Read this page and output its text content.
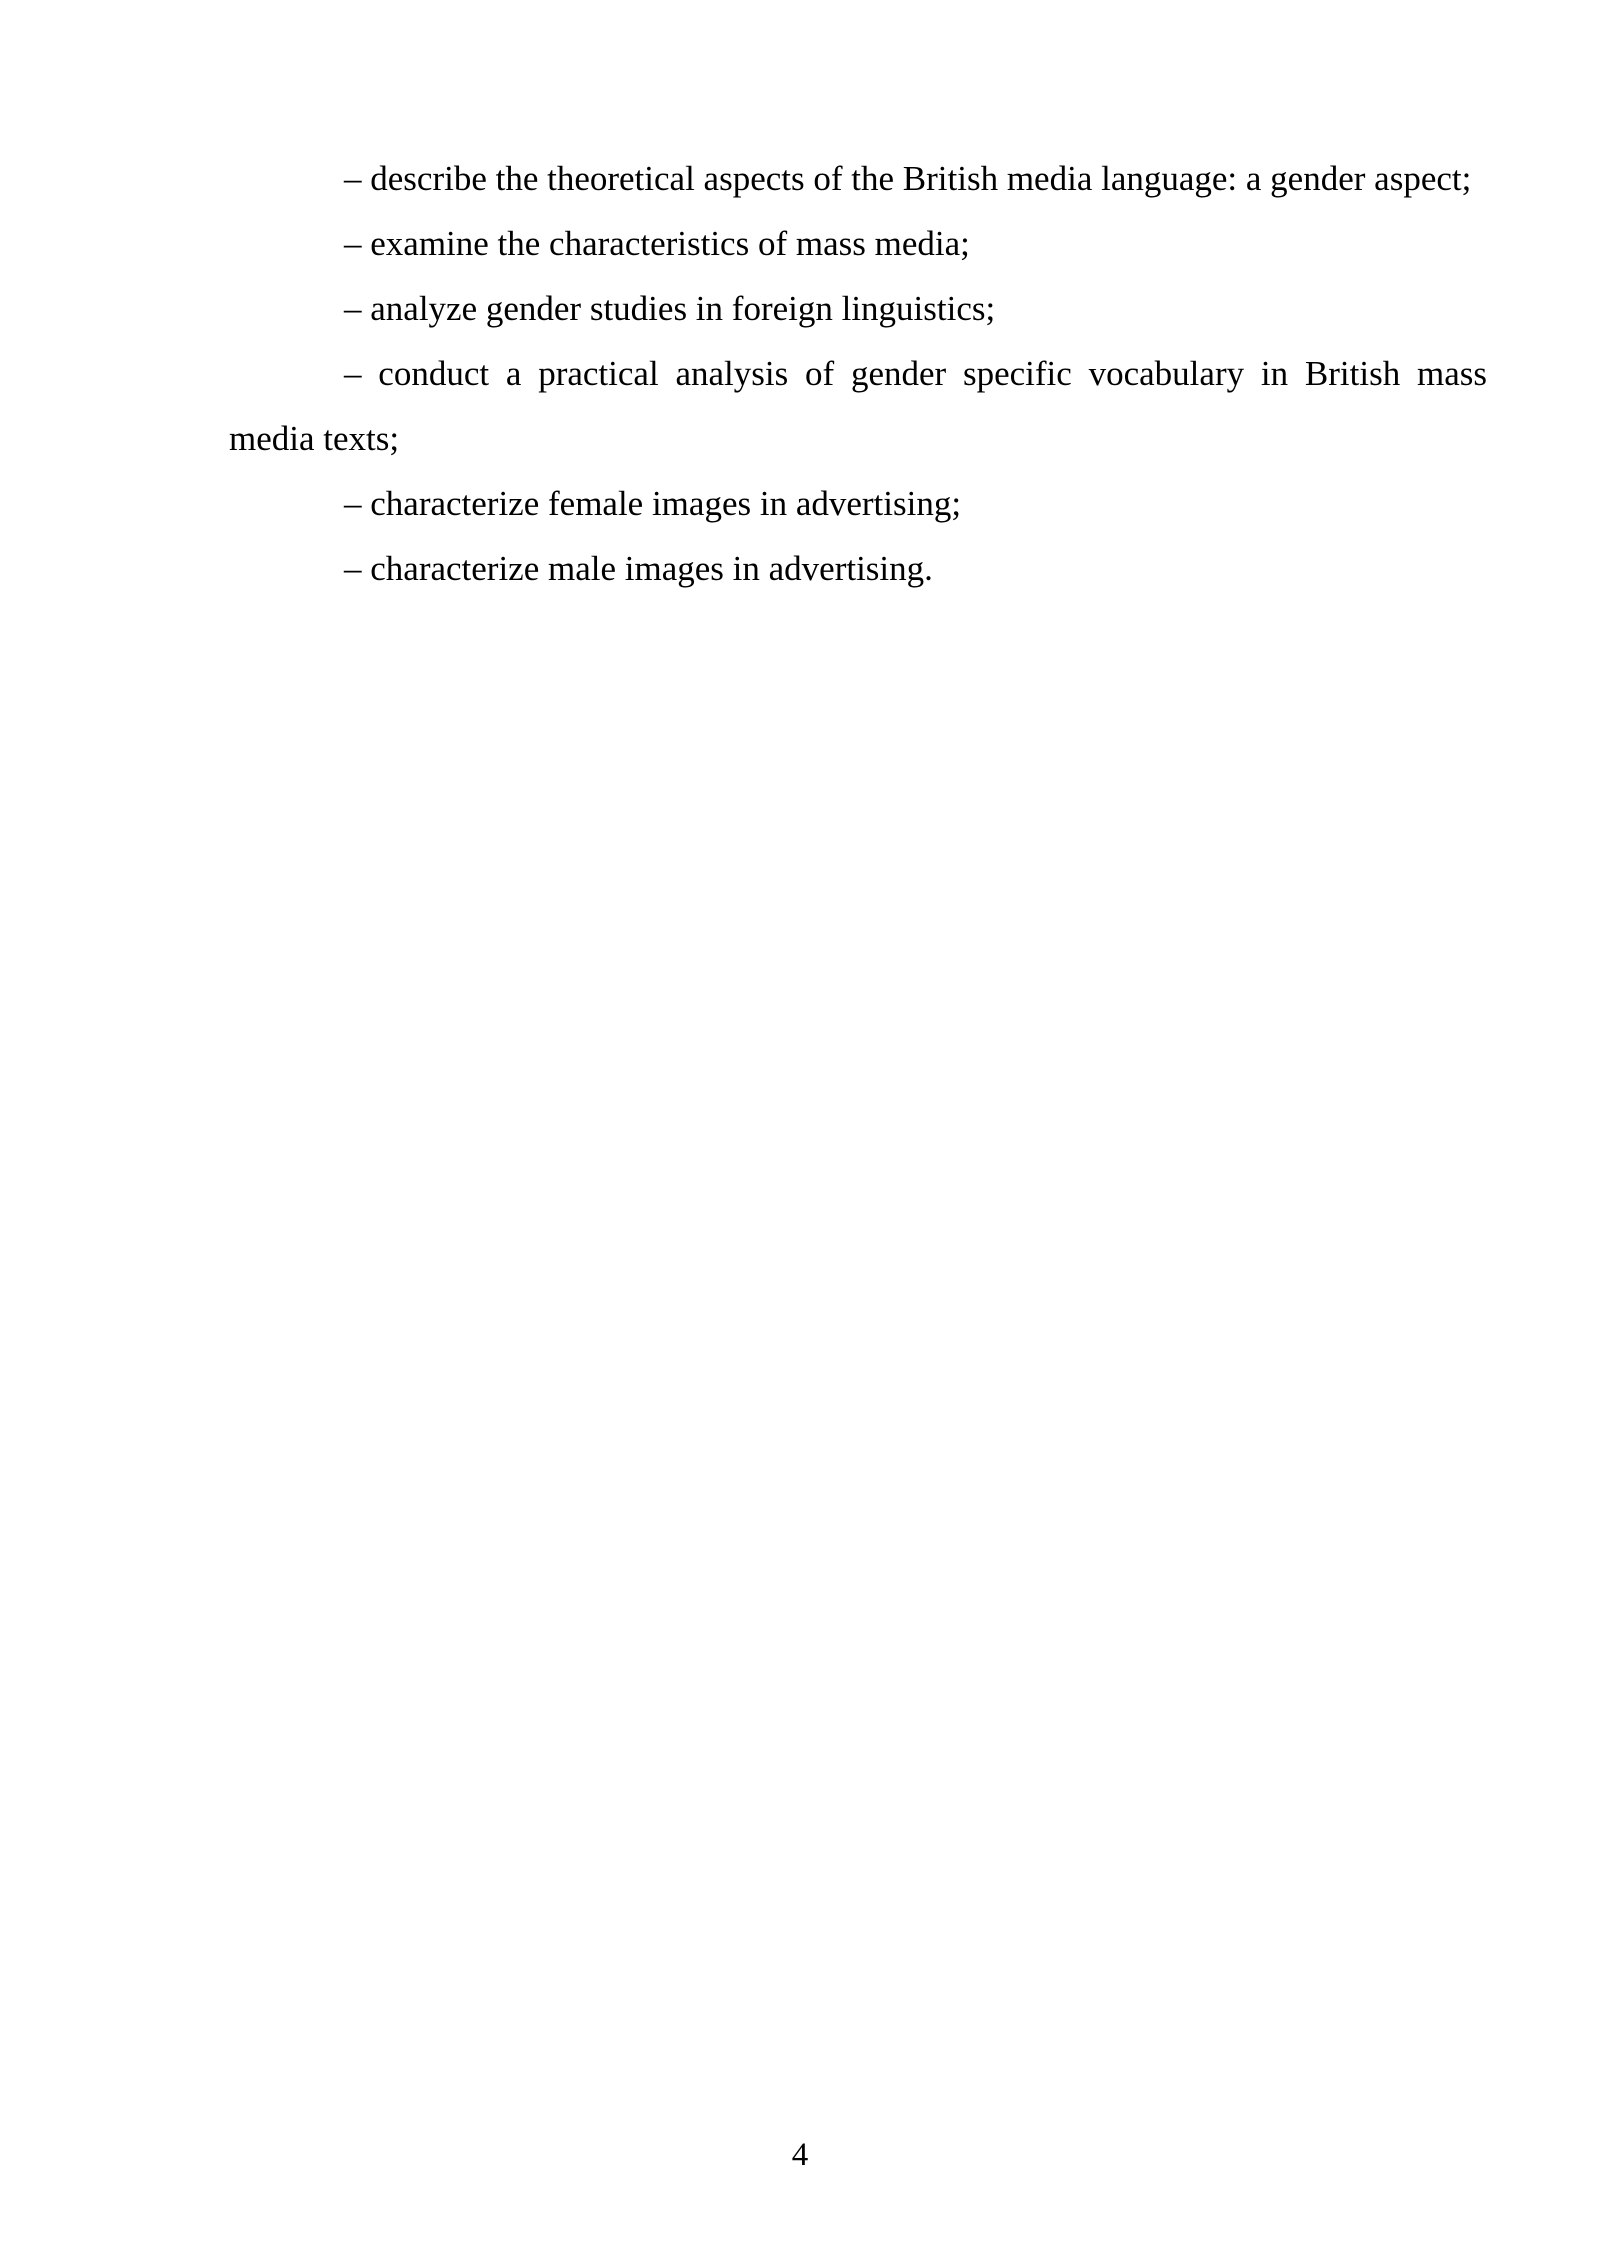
– describe the theoretical aspects of the British media language: a gender aspect;

– examine the characteristics of mass media;

– analyze gender studies in foreign linguistics;

– conduct a practical analysis of gender specific vocabulary in British mass media texts;

– characterize female images in advertising;

– characterize male images in advertising.

4
